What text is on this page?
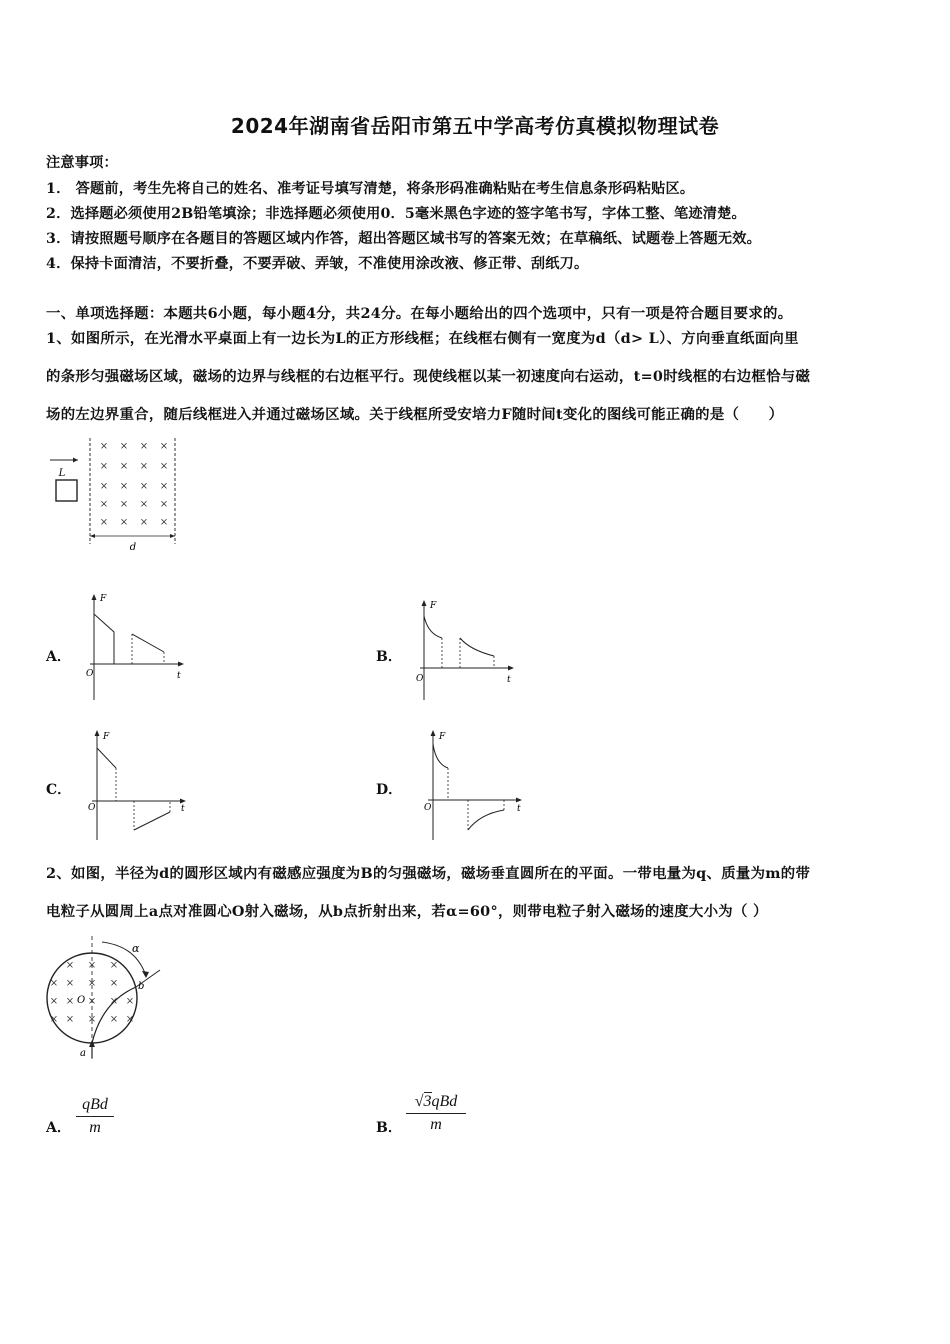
2024年湖南省岳阳市第五中学高考仿真模拟物理试卷
注意事项：
1． 答题前，考生先将自己的姓名、准考证号填写清楚，将条形码准确粘贴在考生信息条形码粘贴区。
2．选择题必须使用2B铅笔填涂；非选择题必须使用0．5毫米黑色字迹的签字笔书写，字体工整、笔迹清楚。
3．请按照题号顺序在各题目的答题区域内作答，超出答题区域书写的答案无效；在草稿纸、试题卷上答题无效。
4．保持卡面清洁，不要折叠，不要弄破、弄皱，不准使用涂改液、修正带、刮纸刀。
一、单项选择题：本题共6小题，每小题4分，共24分。在每小题给出的四个选项中，只有一项是符合题目要求的。
1、如图所示，在光滑水平桌面上有一边长为L的正方形线框；在线框右侧有一宽度为d（d> L）、方向垂直纸面向里
的条形匀强磁场区域，磁场的边界与线框的右边框平行。现使线框以某一初速度向右运动，t=0时线框的右边框恰与磁
场的左边界重合，随后线框进入并通过磁场区域。关于线框所受安培力F随时间t变化的图线可能正确的是（　　）
L
× × × ×
× × × ×
× × × ×
× × × ×
× × × ×
d
A．
F
t
O
B．
F
t
O
C．
F
t
O
D．
F
t
O
2、如图，半径为d的圆形区域内有磁感应强度为B的匀强磁场，磁场垂直圆所在的平面。一带电量为q、质量为m的带
电粒子从圆周上a点对准圆心O射入磁场，从b点折射出来，若α=60°，则带电粒子射入磁场的速度大小为（ ）
α
O
b
a
× × ×
× × × ×
× × × × ×
× × × × ×
A．
qBd
m	B．
√3qBd
m
